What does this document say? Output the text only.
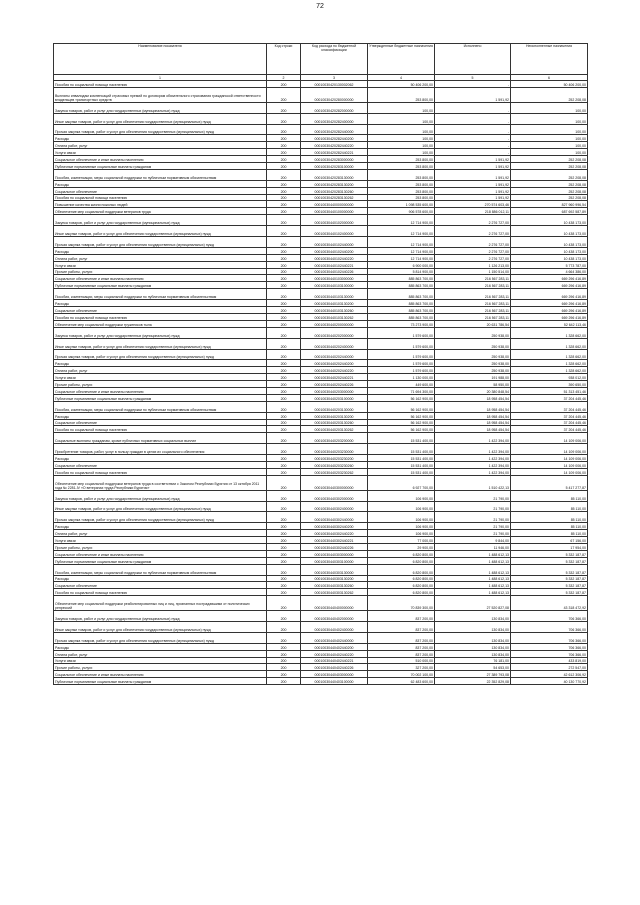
72
Наименование показателя	Код строки	Код расхода по бюджетной классификации	Утвержденные бюджетные назначения	Исполнено	Неисполненные назначения
1	2	3	4	5	6
Пособия по социальной помощи населению	200	00010030420130002062	50 406 200,00	-	50 406 200,00
Выплаты инвалидам компенсаций страховых премий по договорам обязательного страхования гражданской ответственности владельцев транспортных средств	200	00010030420280000000	253 800,00	1 591,92	252 208,08
Закупка товаров, работ и услуг для государственных (муниципальных) нужд	200	00010030420282000000	100,00	-	100,00
Иные закупки товаров, работ и услуг для обеспечения государственных (муниципальных) нужд	200	00010030420282400000	100,00	-	100,00
Прочая закупка товаров, работ и услуг для обеспечения государственных (муниципальных) нужд	200	00010030420282440000	100,00	-	100,00
Расходы	200	00010030420282440200	100,00	-	100,00
Оплата работ, услуг	200	00010030420282440220	100,00	-	100,00
Услуги связи	200	00010030420282440221	100,00	-	100,00
Социальное обеспечение и иные выплаты населению	200	00010030420283000000	253 800,00	1 591,92	252 208,08
Публичные нормативные социальные выплаты гражданам	200	00010030420283100000	253 800,00	1 591,92	252 208,08
Пособия, компенсации, меры социальной поддержки по публичным нормативным обязательствам	200	00010030420283130000	253 800,00	1 591,92	252 208,08
Расходы	200	00010030420283130200	253 800,00	1 591,92	252 208,08
Социальное обеспечение	200	00010030420283130260	253 800,00	1 591,92	252 208,08
Пособия по социальной помощи населению	200	00010030420283130262	253 800,00	1 591,92	252 208,08
Повышение качества жизни пожилых людей	200	00010030440000000000	1 098 535 600,00	270 574 603,46	827 960 996,54
Обеспечение мер социальной поддержки ветеранов труда	200	00010030440100000000	906 578 600,00	218 886 012,11	687 692 587,89
Закупка товаров, работ и услуг для государственных (муниципальных) нужд	200	00010030440102000000	12 714 900,00	2 276 727,00	10 438 173,00
Иные закупки товаров, работ и услуг для обеспечения государственных (муниципальных) нужд	200	00010030440102400000	12 714 900,00	2 276 727,00	10 438 173,00
Прочая закупка товаров, работ и услуг для обеспечения государственных (муниципальных) нужд	200	00010030440102440000	12 714 900,00	2 276 727,00	10 438 173,00
Расходы	200	00010030440102440200	12 714 900,00	2 276 727,00	10 438 173,00
Оплата работ, услуг	200	00010030440102440220	12 714 900,00	2 276 727,00	10 438 173,00
Услуги связи	200	00010030440102440221	6 900 000,00	1 126 213,00	5 773 787,00
Прочие работы, услуги	200	00010030440102440226	5 814 900,00	1 150 514,00	4 664 386,00
Социальное обеспечение и иные выплаты населению	200	00010030440103000000	885 863 700,00	216 567 283,11	669 296 416,89
Публичные нормативные социальные выплаты гражданам	200	00010030440103100000	885 863 700,00	216 567 283,11	669 296 416,89
Пособия, компенсации, меры социальной поддержки по публичным нормативным обязательствам	200	00010030440103130000	885 863 700,00	216 567 283,11	669 296 416,89
Расходы	200	00010030440103130200	885 863 700,00	216 567 283,11	669 296 416,89
Социальное обеспечение	200	00010030440103130260	885 863 700,00	216 567 283,11	669 296 416,89
Пособия по социальной помощи населению	200	00010030440103130262	885 863 700,00	216 567 283,11	669 296 416,89
Обеспечение мер социальной поддержки тружеников тыла	200	00010030440200000000	73 273 900,00	20 631 786,54	52 642 113,46
Закупка товаров, работ и услуг для государственных (муниципальных) нужд	200	00010030440202000000	1 579 600,00	250 938,00	1 328 662,00
Иные закупки товаров, работ и услуг для обеспечения государственных (муниципальных) нужд	200	00010030440202400000	1 579 600,00	250 938,00	1 328 662,00
Прочая закупка товаров, работ и услуг для обеспечения государственных (муниципальных) нужд	200	00010030440202440000	1 579 600,00	250 938,00	1 328 662,00
Расходы	200	00010030440202440200	1 579 600,00	250 938,00	1 328 662,00
Оплата работ, услуг	200	00010030440202440220	1 579 600,00	250 938,00	1 328 662,00
Услуги связи	200	00010030440202440221	1 130 000,00	191 988,00	938 012,00
Прочие работы, услуги	200	00010030440202440226	449 600,00	58 950,00	390 650,00
Социальное обеспечение и иные выплаты населению	200	00010030440203000000	71 694 300,00	20 380 848,54	51 313 451,46
Публичные нормативные социальные выплаты гражданам	200	00010030440203100000	56 162 900,00	18 958 454,54	37 204 445,46
Пособия, компенсации, меры социальной поддержки по публичным нормативным обязательствам	200	00010030440203130000	56 162 900,00	18 958 454,54	37 204 445,46
Расходы	200	00010030440203130200	56 162 900,00	18 958 454,54	37 204 445,46
Социальное обеспечение	200	00010030440203130260	56 162 900,00	18 958 454,54	37 204 445,46
Пособия по социальной помощи населению	200	00010030440203130262	56 162 900,00	18 958 454,54	37 204 445,46
Социальные выплаты гражданам, кроме публичных нормативных социальных выплат	200	00010030440203200000	15 531 400,00	1 422 394,00	14 109 006,00
Приобретение товаров, работ, услуг в пользу граждан в целях их социального обеспечения	200	00010030440203230000	15 531 400,00	1 422 394,00	14 109 006,00
Расходы	200	00010030440203230200	15 531 400,00	1 422 394,00	14 109 006,00
Социальное обеспечение	200	00010030440203230260	15 531 400,00	1 422 394,00	14 109 006,00
Пособия по социальной помощи населению	200	00010030440203230262	15 531 400,00	1 422 394,00	14 109 006,00
Обеспечение мер социальной поддержки ветеранов труда в соответствии с Законом Республики Бурятия от 13 октября 2011 года № 2281-IV «О ветеранах труда Республики Бурятия»	200	00010030440300000000	6 927 700,00	1 510 422,13	5 417 277,87
Закупка товаров, работ и услуг для государственных (муниципальных) нужд	200	00010030440302000000	106 900,00	21 790,00	85 110,00
Иные закупки товаров, работ и услуг для обеспечения государственных (муниципальных) нужд	200	00010030440302400000	106 900,00	21 790,00	85 110,00
Прочая закупка товаров, работ и услуг для обеспечения государственных (муниципальных) нужд	200	00010030440302440000	106 900,00	21 790,00	85 110,00
Расходы	200	00010030440302440200	106 900,00	21 790,00	85 110,00
Оплата работ, услуг	200	00010030440302440220	106 900,00	21 790,00	85 110,00
Услуги связи	200	00010030440302440221	77 000,00	9 844,00	67 156,00
Прочие работы, услуги	200	00010030440302440226	29 900,00	11 946,00	17 954,00
Социальное обеспечение и иные выплаты населению	200	00010030440303000000	6 820 800,00	1 488 612,13	5 332 187,87
Публичные нормативные социальные выплаты гражданам	200	00010030440303100000	6 820 800,00	1 488 612,13	5 332 187,87
Пособия, компенсации, меры социальной поддержки по публичным нормативным обязательствам	200	00010030440303130000	6 820 800,00	1 488 612,13	5 332 187,87
Расходы	200	00010030440303130200	6 820 800,00	1 488 612,13	5 332 187,87
Социальное обеспечение	200	00010030440303130260	6 820 800,00	1 488 612,13	5 332 187,87
Пособия по социальной помощи населению	200	00010030440303130262	6 820 800,00	1 488 612,13	5 332 187,87
Обеспечение мер социальной поддержки реабилитированных лиц и лиц, признанных пострадавшими от политических репрессий	200	00010030440400000000	70 839 300,00	27 520 827,08	43 318 472,92
Закупка товаров, работ и услуг для государственных (муниципальных) нужд	200	00010030440402000000	837 200,00	130 834,00	706 366,00
Иные закупки товаров, работ и услуг для обеспечения государственных (муниципальных) нужд	200	00010030440402400000	837 200,00	130 834,00	706 366,00
Прочая закупка товаров, работ и услуг для обеспечения государственных (муниципальных) нужд	200	00010030440402440000	837 200,00	130 834,00	706 366,00
Расходы	200	00010030440402440200	837 200,00	130 834,00	706 366,00
Оплата работ, услуг	200	00010030440402440220	837 200,00	130 834,00	706 366,00
Услуги связи	200	00010030440402440221	510 000,00	76 181,00	433 819,00
Прочие работы, услуги	200	00010030440402440226	327 200,00	54 653,00	272 547,00
Социальное обеспечение и иные выплаты населению	200	00010030440403000000	70 002 100,00	27 389 793,08	42 612 306,92
Публичные нормативные социальные выплаты гражданам	200	00010030440403100000	62 483 600,00	22 352 829,08	40 130 770,92
